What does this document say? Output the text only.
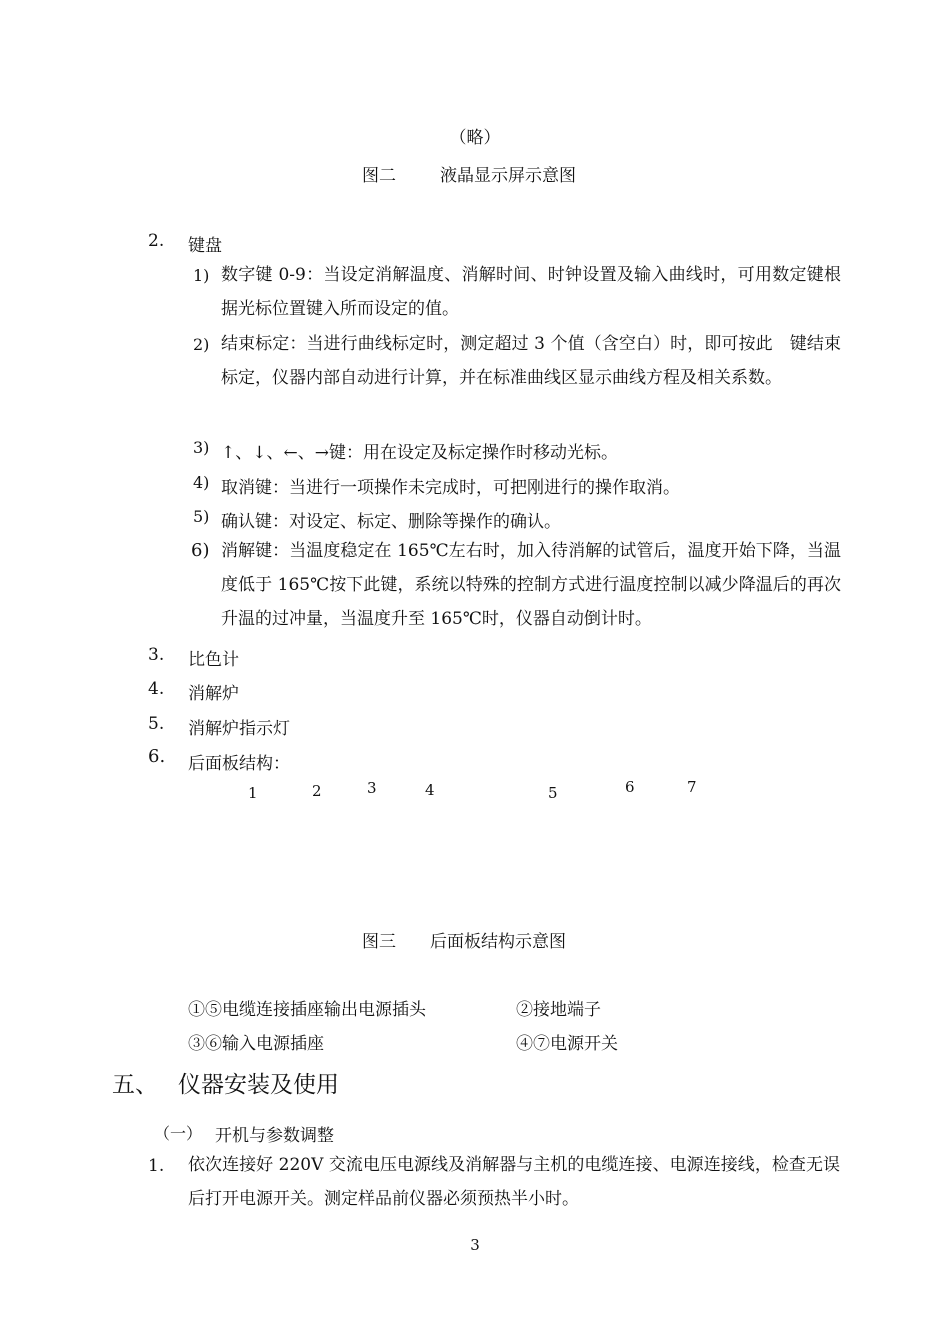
（略）
图二	液晶显示屏示意图
2. 键盘
1) 数字键 0-9：当设定消解温度、消解时间、时钟设置及输入曲线时，可用数定键根据光标位置键入所而设定的值。
2) 结束标定：当进行曲线标定时，测定超过 3 个值（含空白）时，即可按此　键结束标定，仪器内部自动进行计算，并在标准曲线区显示曲线方程及相关系数。
3) ↑、↓、←、→键：用在设定及标定操作时移动光标。
4) 取消键：当进行一项操作未完成时，可把刚进行的操作取消。
5) 确认键：对设定、标定、删除等操作的确认。
6) 消解键：当温度稳定在 165℃左右时，加入待消解的试管后，温度开始下降，当温度低于 165℃按下此键，系统以特殊的控制方式进行温度控制以减少降温后的再次升温的过冲量，当温度升至 165℃时，仪器自动倒计时。
3. 比色计
4. 消解炉
5. 消解炉指示灯
6. 后面板结构：
1	2	3	4	5	6	7
图三 后面板结构示意图
①⑤电缆连接插座输出电源插头	②接地端子
③⑥输入电源插座	④⑦电源开关
五、 仪器安装及使用
（一） 开机与参数调整
1. 依次连接好 220V 交流电压电源线及消解器与主机的电缆连接、电源连接线，检查无误后打开电源开关。测定样品前仪器必须预热半小时。
3
